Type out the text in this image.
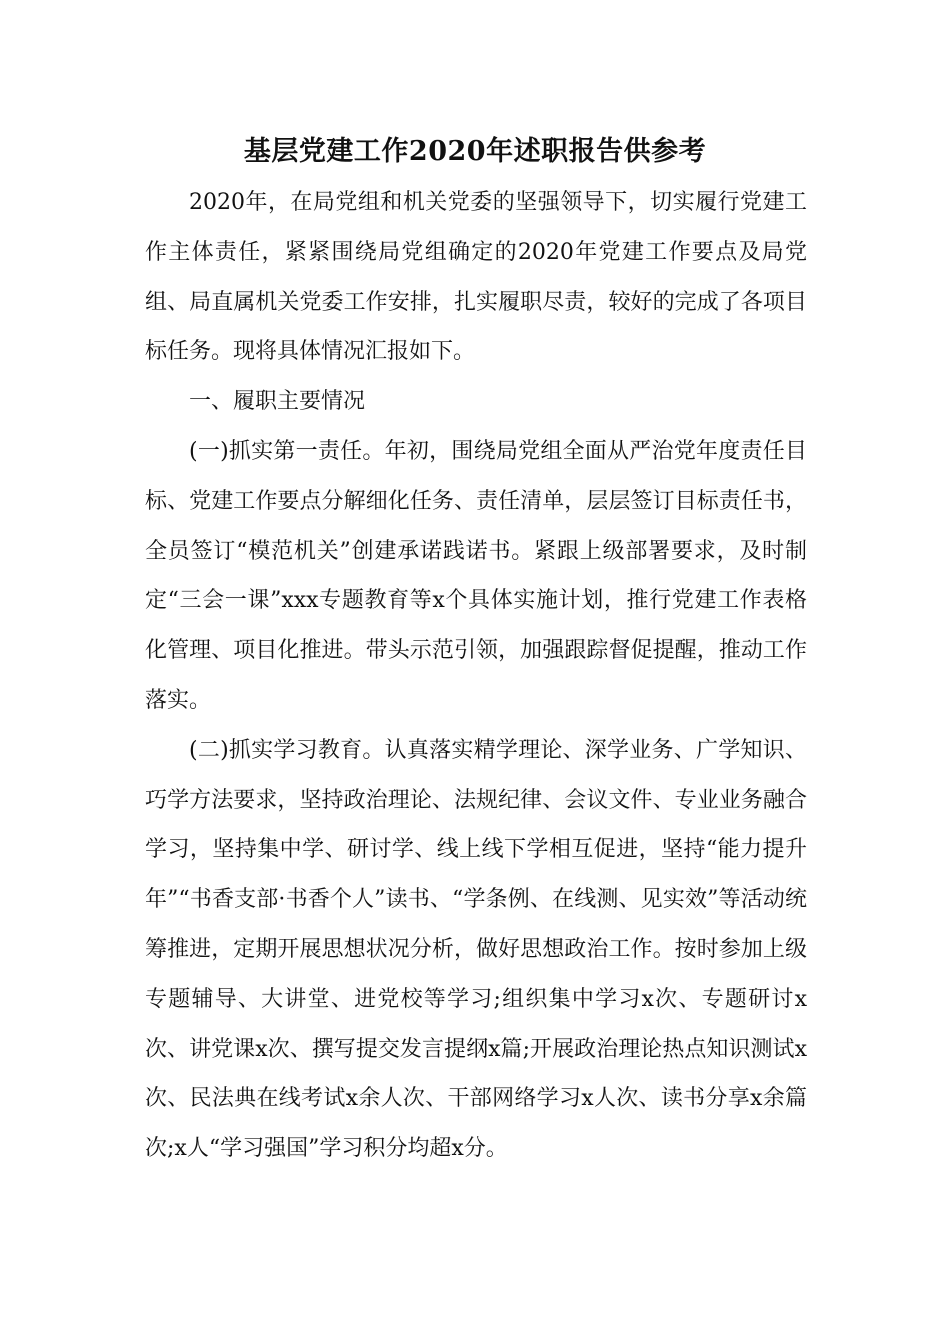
基层党建工作2020年述职报告供参考

2020年，在局党组和机关党委的坚强领导下，切实履行党建工作主体责任，紧紧围绕局党组确定的2020年党建工作要点及局党组、局直属机关党委工作安排，扎实履职尽责，较好的完成了各项目标任务。现将具体情况汇报如下。

一、履职主要情况

(一)抓实第一责任。年初，围绕局党组全面从严治党年度责任目标、党建工作要点分解细化任务、责任清单，层层签订目标责任书，全员签订“模范机关”创建承诺践诺书。紧跟上级部署要求，及时制定“三会一课”xxx专题教育等x个具体实施计划，推行党建工作表格化管理、项目化推进。带头示范引领，加强跟踪督促提醒，推动工作落实。

(二)抓实学习教育。认真落实精学理论、深学业务、广学知识、巧学方法要求，坚持政治理论、法规纪律、会议文件、专业业务融合学习，坚持集中学、研讨学、线上线下学相互促进，坚持“能力提升年”“书香支部·书香个人”读书、“学条例、在线测、见实效”等活动统筹推进，定期开展思想状况分析，做好思想政治工作。按时参加上级专题辅导、大讲堂、进党校等学习;组织集中学习x次、专题研讨x次、讲党课x次、撰写提交发言提纲x篇;开展政治理论热点知识测试x次、民法典在线考试x余人次、干部网络学习x人次、读书分享x余篇次;x人“学习强国”学习积分均超x分。
